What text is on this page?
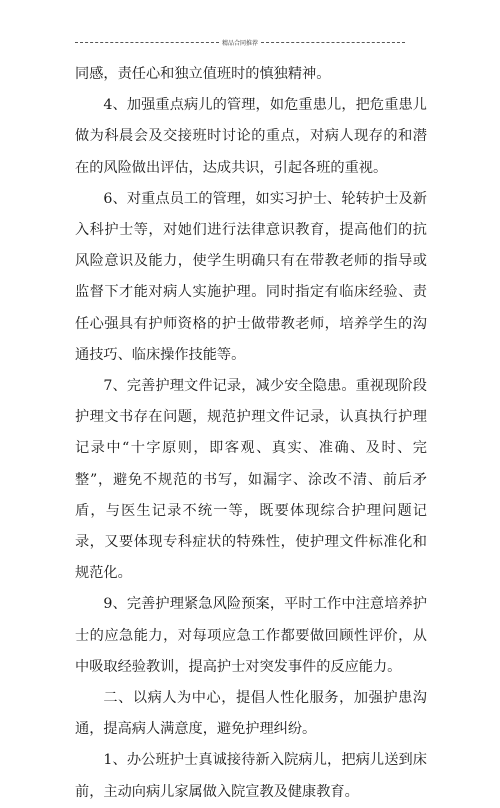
精品合同推荐

同感，责任心和独立值班时的慎独精神。

4、加强重点病儿的管理，如危重患儿，把危重患儿做为科晨会及交接班时讨论的重点，对病人现存的和潜在的风险做出评估，达成共识，引起各班的重视。

6、对重点员工的管理，如实习护士、轮转护士及新入科护士等，对她们进行法律意识教育，提高他们的抗风险意识及能力，使学生明确只有在带教老师的指导或监督下才能对病人实施护理。同时指定有临床经验、责任心强具有护师资格的护士做带教老师，培养学生的沟通技巧、临床操作技能等。

7、完善护理文件记录，减少安全隐患。重视现阶段护理文书存在问题，规范护理文件记录，认真执行护理记录中“十字原则，即客观、真实、准确、及时、完整”，避免不规范的书写，如漏字、涂改不清、前后矛盾，与医生记录不统一等，既要体现综合护理问题记录，又要体现专科症状的特殊性，使护理文件标准化和规范化。

9、完善护理紧急风险预案，平时工作中注意培养护士的应急能力，对每项应急工作都要做回顾性评价，从中吸取经验教训，提高护士对突发事件的反应能力。

二、以病人为中心，提倡人性化服务，加强护患沟通，提高病人满意度，避免护理纠纷。

1、办公班护士真诚接待新入院病儿，把病儿送到床前，主动向病儿家属做入院宣教及健康教育。
